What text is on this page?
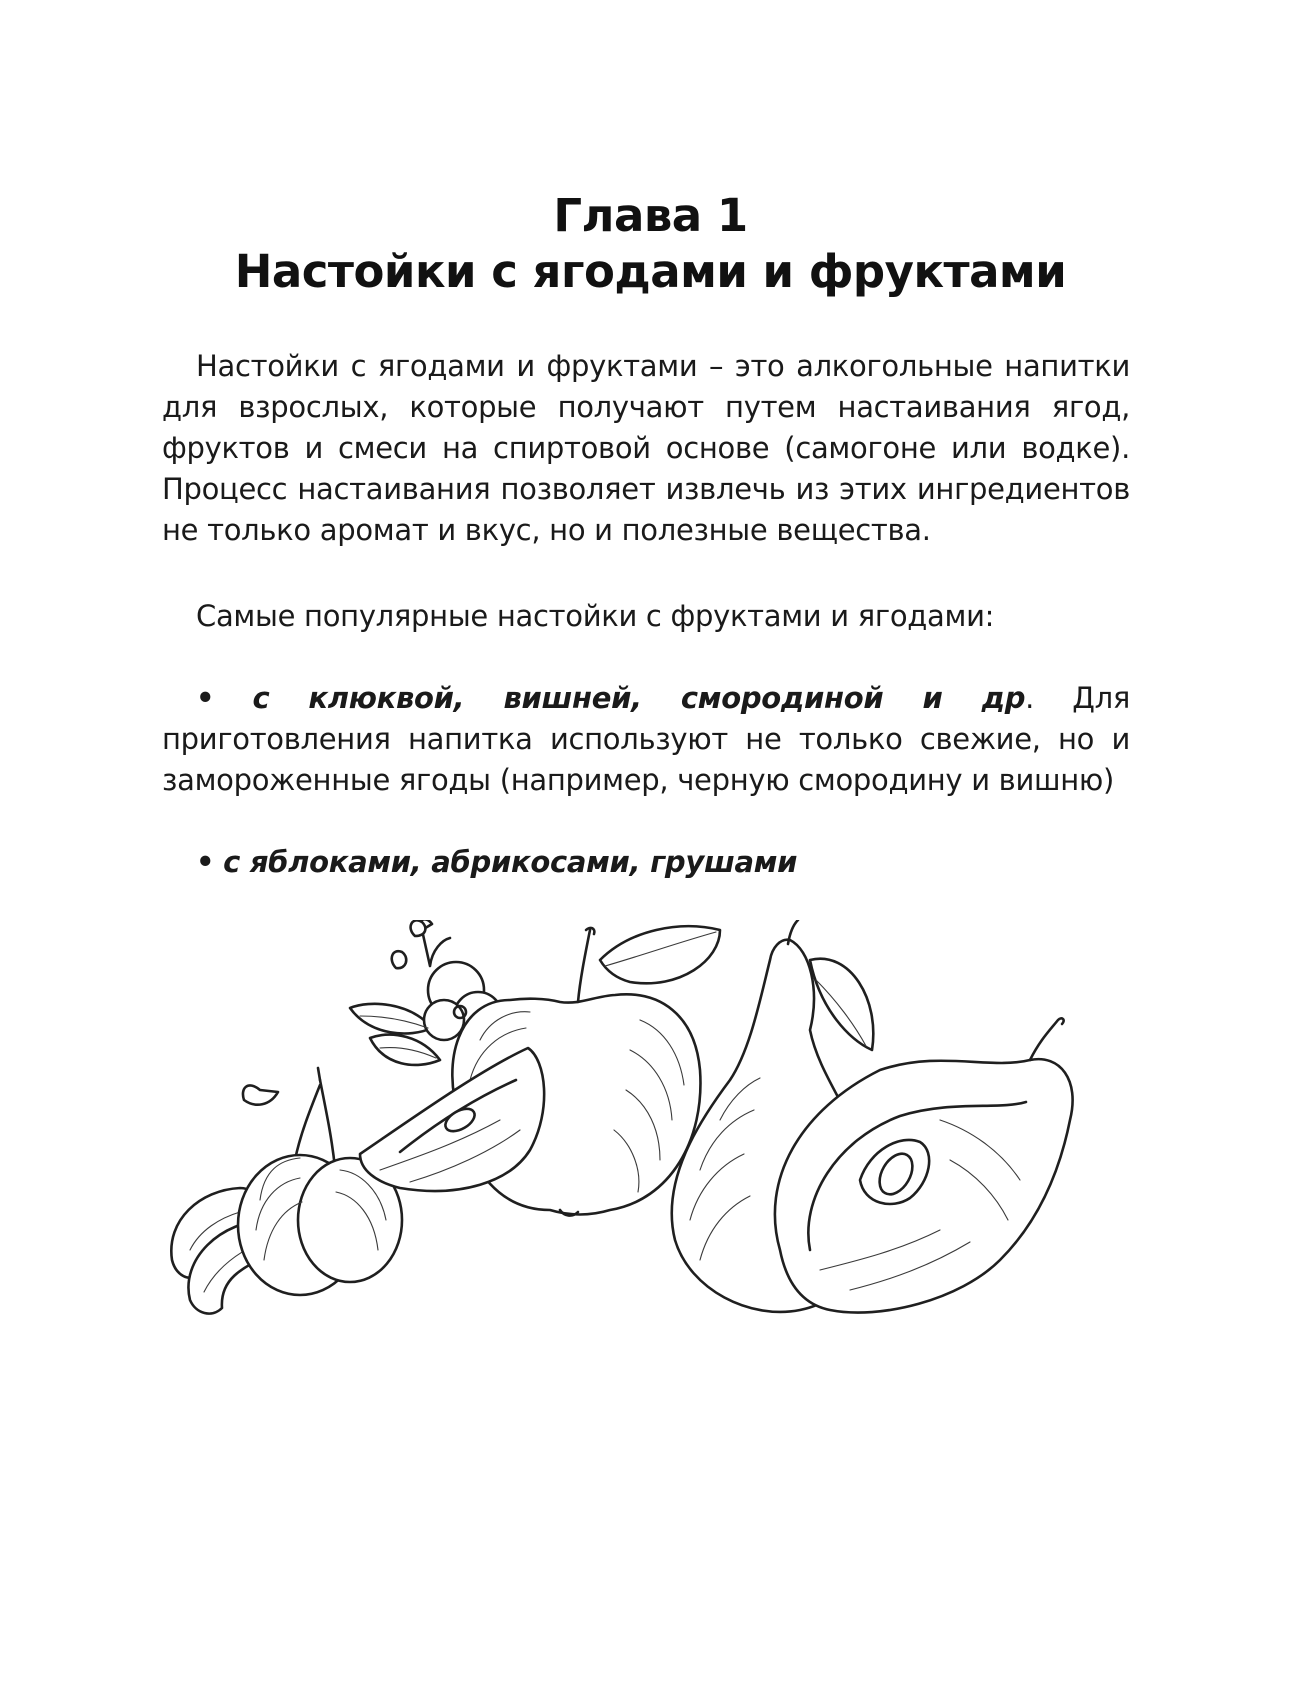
Глава 1
Настойки с ягодами и фруктами

Настойки с ягодами и фруктами – это алкогольные напитки для взрослых, которые получают путем настаивания ягод, фруктов и смеси на спиртовой основе (самогоне или водке). Процесс настаивания позволяет извлечь из этих ингредиентов не только аромат и вкус, но и полезные вещества.

Самые популярные настойки с фруктами и ягодами:

• с клюквой, вишней, смородиной и др. Для приготовления напитка используют не только свежие, но и замороженные ягоды (например, черную смородину и вишню)

• с яблоками, абрикосами, грушами
